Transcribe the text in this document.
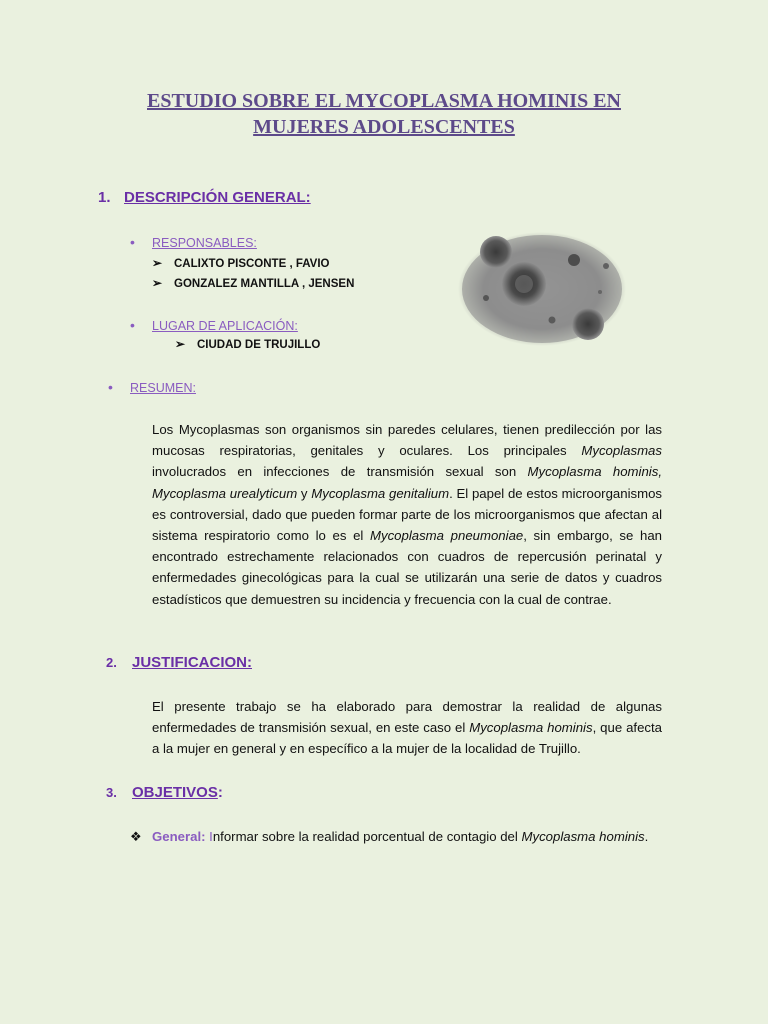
ESTUDIO SOBRE EL MYCOPLASMA HOMINIS EN
MUJERES ADOLESCENTES
1. DESCRIPCIÓN GENERAL:
• RESPONSABLES:
➢ CALIXTO PISCONTE , FAVIO
➢ GONZALEZ MANTILLA , JENSEN
• LUGAR DE APLICACIÓN:
➢ CIUDAD DE TRUJILLO
• RESUMEN:
Los Mycoplasmas son organismos sin paredes celulares, tienen predilección por las mucosas respiratorias, genitales y oculares. Los principales Mycoplasmas involucrados en infecciones de transmisión sexual son Mycoplasma hominis, Mycoplasma urealyticum y Mycoplasma genitalium. El papel de estos microorganismos es controversial, dado que pueden formar parte de los microorganismos que afectan al sistema respiratorio como lo es el Mycoplasma pneumoniae, sin embargo, se han encontrado estrechamente relacionados con cuadros de repercusión perinatal y enfermedades ginecológicas para la cual se utilizarán una serie de datos y cuadros estadísticos que demuestren su incidencia y frecuencia con la cual de contrae.
2. JUSTIFICACION:
El presente trabajo se ha elaborado para demostrar la realidad de algunas enfermedades de transmisión sexual, en este caso el Mycoplasma hominis, que afecta a la mujer en general y en específico a la mujer de la localidad de Trujillo.
3. OBJETIVOS:
❖ General: Informar sobre la realidad porcentual de contagio del Mycoplasma hominis.
